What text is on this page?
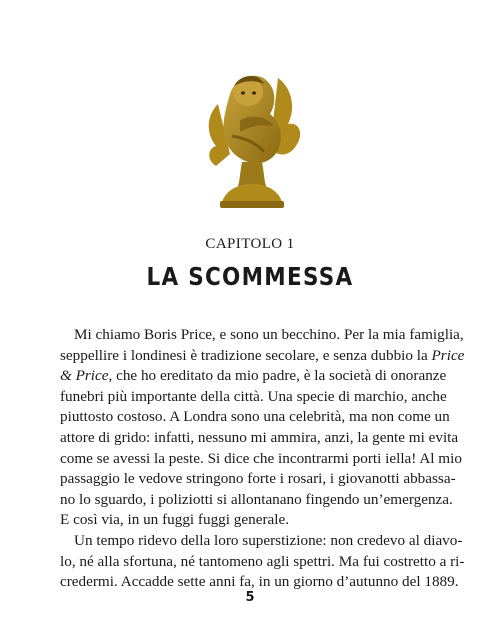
CAPITOLO 1
LA SCOMMESSA
Mi chiamo Boris Price, e sono un becchino. Per la mia famiglia,
seppellire i londinesi è tradizione secolare, e senza dubbio la Price
& Price, che ho ereditato da mio padre, è la società di onoranze
funebri più importante della città. Una specie di marchio, anche
piuttosto costoso. A Londra sono una celebrità, ma non come un
attore di grido: infatti, nessuno mi ammira, anzi, la gente mi evita
come se avessi la peste. Si dice che incontrarmi porti iella! Al mio
passaggio le vedove stringono forte i rosari, i giovanotti abbassa-
no lo sguardo, i poliziotti si allontanano fingendo un’emergenza.
E così via, in un fuggi fuggi generale.
Un tempo ridevo della loro superstizione: non credevo al diavo-
lo, né alla sfortuna, né tantomeno agli spettri. Ma fui costretto a ri-
credermi. Accadde sette anni fa, in un giorno d’autunno del 1889.
5
